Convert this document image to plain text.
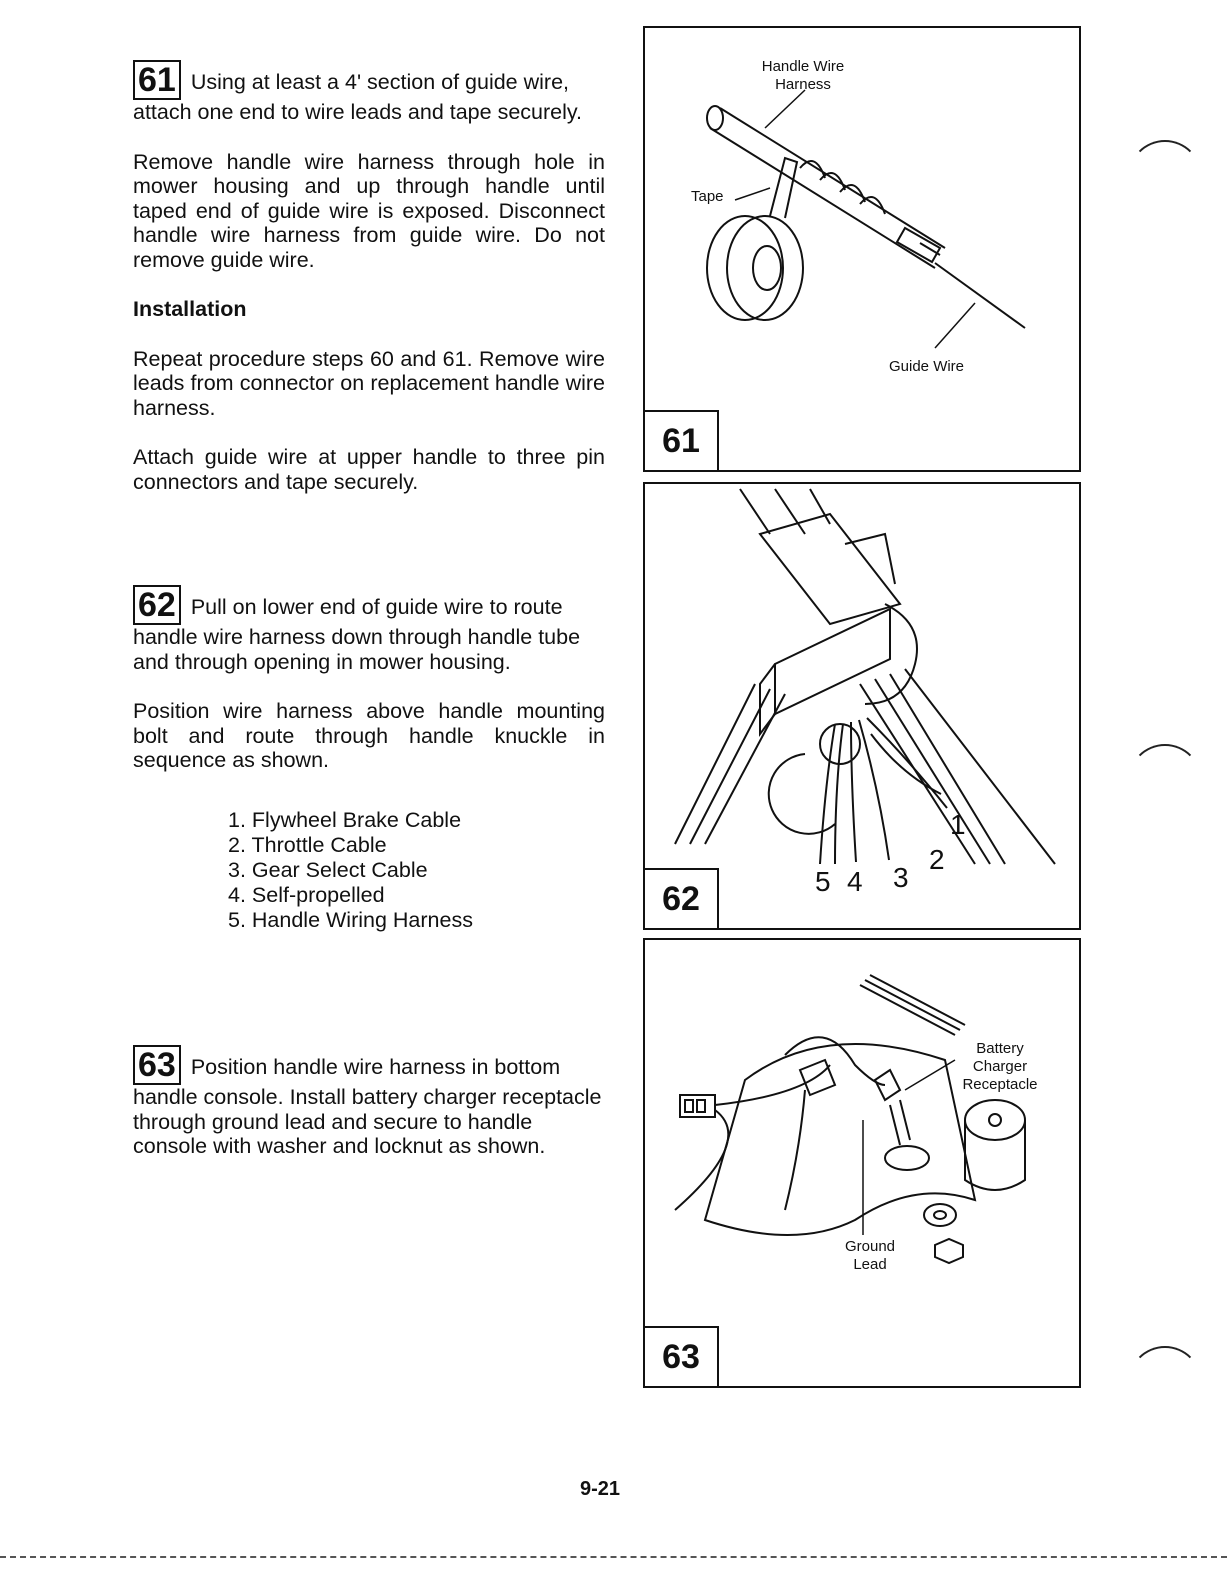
61 Using at least a 4' section of guide wire, attach one end to wire leads and tape securely.

Remove handle wire harness through hole in mower housing and up through handle until taped end of guide wire is exposed. Disconnect handle wire harness from guide wire. Do not remove guide wire.

Installation

Repeat procedure steps 60 and 61. Remove wire leads from connector on replacement handle wire harness.

Attach guide wire at upper handle to three pin connectors and tape securely.

62 Pull on lower end of guide wire to route handle wire harness down through handle tube and through opening in mower housing.

Position wire harness above handle mounting bolt and route through handle knuckle in sequence as shown.

1. Flywheel Brake Cable
2. Throttle Cable
3. Gear Select Cable
4. Self-propelled
5. Handle Wiring Harness

63 Position handle wire harness in bottom handle console. Install battery charger receptacle through ground lead and secure to handle console with washer and locknut as shown.

Handle Wire
Harness
Tape
Guide Wire
61
1
2
3
4
5
62
Battery
Charger
Receptacle
Ground
Lead
63
9-21
